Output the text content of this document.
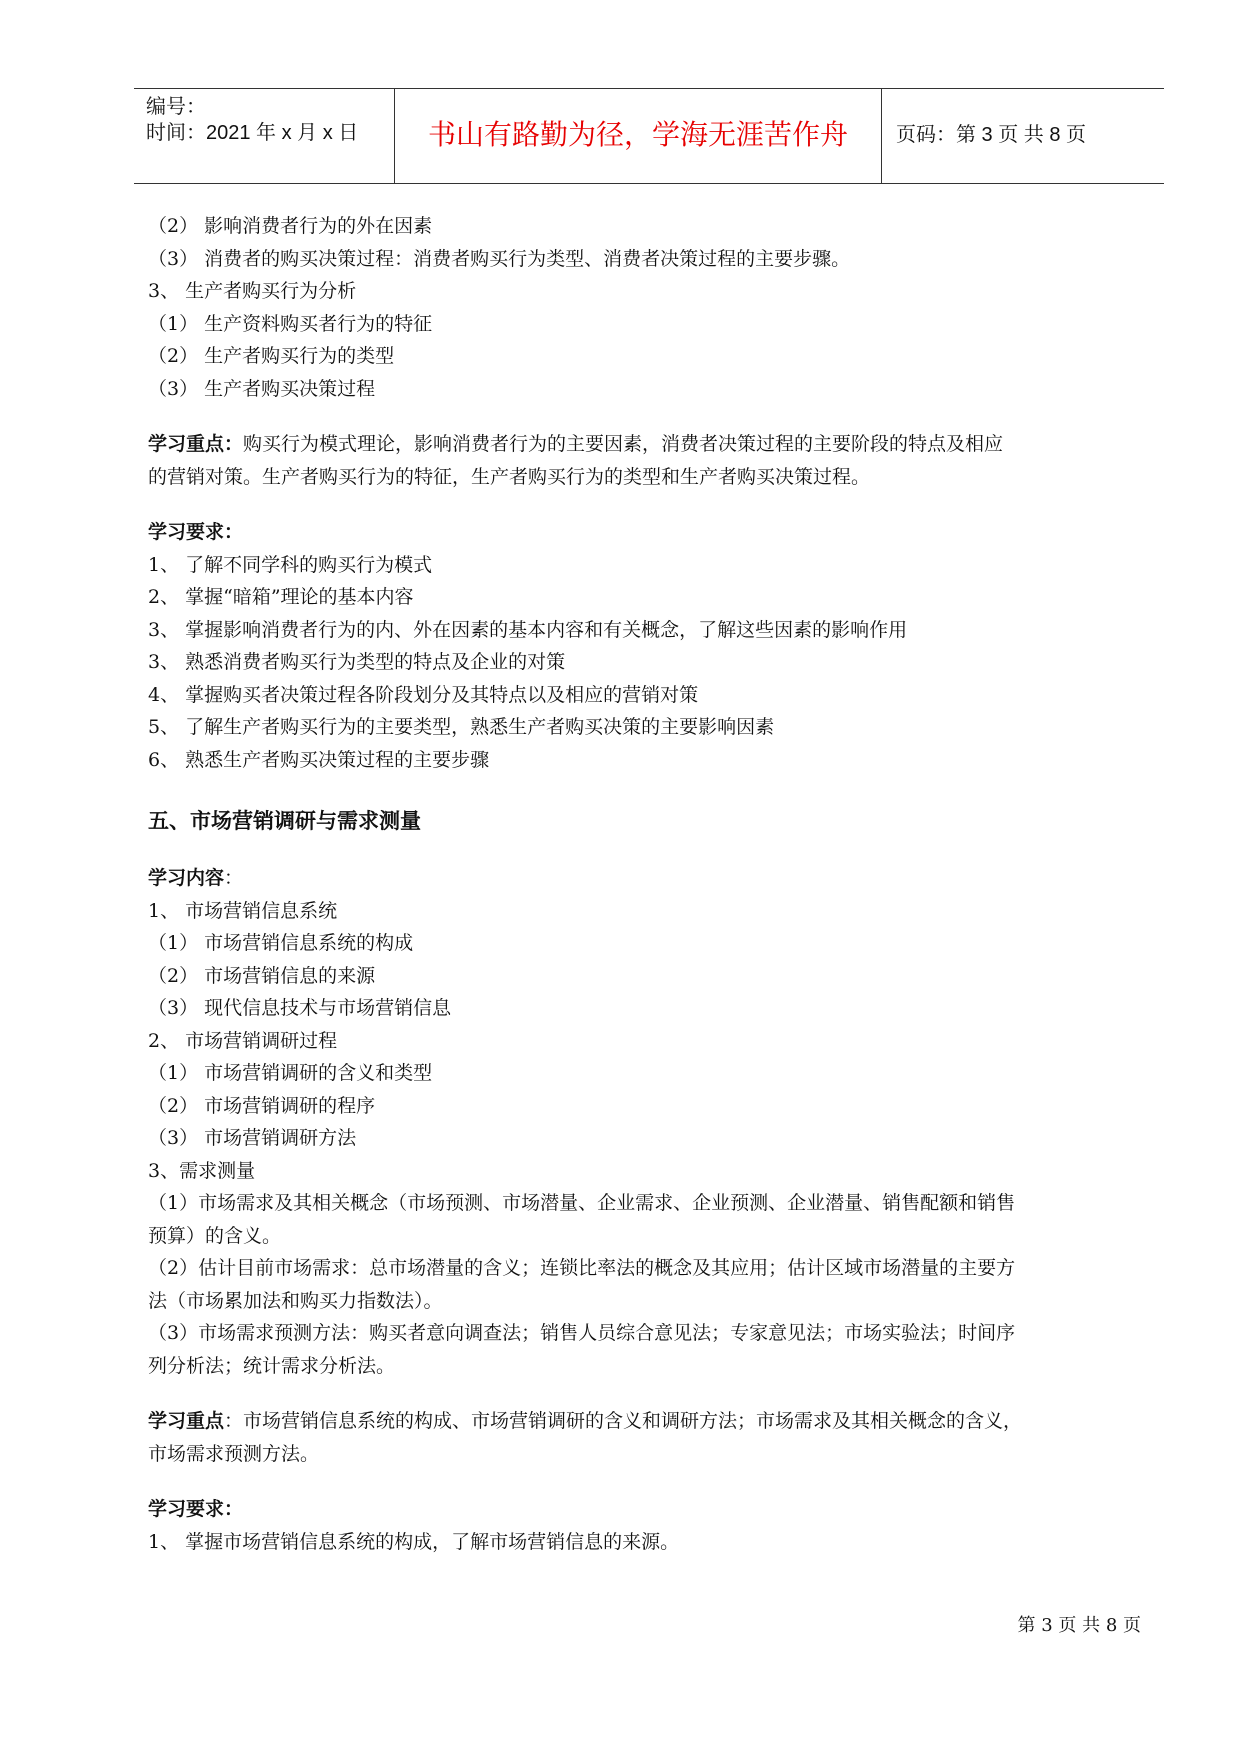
编号：
时间：2021 年 x 月 x 日	书山有路勤为径，学海无涯苦作舟	页码：第 3 页 共 8 页
（2） 影响消费者行为的外在因素
（3） 消费者的购买决策过程：消费者购买行为类型、消费者决策过程的主要步骤。
3、 生产者购买行为分析
（1） 生产资料购买者行为的特征
（2） 生产者购买行为的类型
（3） 生产者购买决策过程
学习重点：购买行为模式理论，影响消费者行为的主要因素，消费者决策过程的主要阶段的特点及相应
的营销对策。生产者购买行为的特征，生产者购买行为的类型和生产者购买决策过程。
学习要求：
1、 了解不同学科的购买行为模式
2、 掌握“暗箱”理论的基本内容
3、 掌握影响消费者行为的内、外在因素的基本内容和有关概念，了解这些因素的影响作用
3、 熟悉消费者购买行为类型的特点及企业的对策
4、 掌握购买者决策过程各阶段划分及其特点以及相应的营销对策
5、 了解生产者购买行为的主要类型，熟悉生产者购买决策的主要影响因素
6、 熟悉生产者购买决策过程的主要步骤
五、市场营销调研与需求测量
学习内容：
1、 市场营销信息系统
（1） 市场营销信息系统的构成
（2） 市场营销信息的来源
（3） 现代信息技术与市场营销信息
2、 市场营销调研过程
（1） 市场营销调研的含义和类型
（2） 市场营销调研的程序
（3） 市场营销调研方法
3、需求测量
（1）市场需求及其相关概念（市场预测、市场潜量、企业需求、企业预测、企业潜量、销售配额和销售
预算）的含义。
（2）估计目前市场需求：总市场潜量的含义；连锁比率法的概念及其应用；估计区域市场潜量的主要方
法（市场累加法和购买力指数法）。
（3）市场需求预测方法：购买者意向调查法；销售人员综合意见法；专家意见法；市场实验法；时间序
列分析法；统计需求分析法。
学习重点：市场营销信息系统的构成、市场营销调研的含义和调研方法；市场需求及其相关概念的含义，
市场需求预测方法。
学习要求：
1、 掌握市场营销信息系统的构成，了解市场营销信息的来源。
第 3 页 共 8 页
